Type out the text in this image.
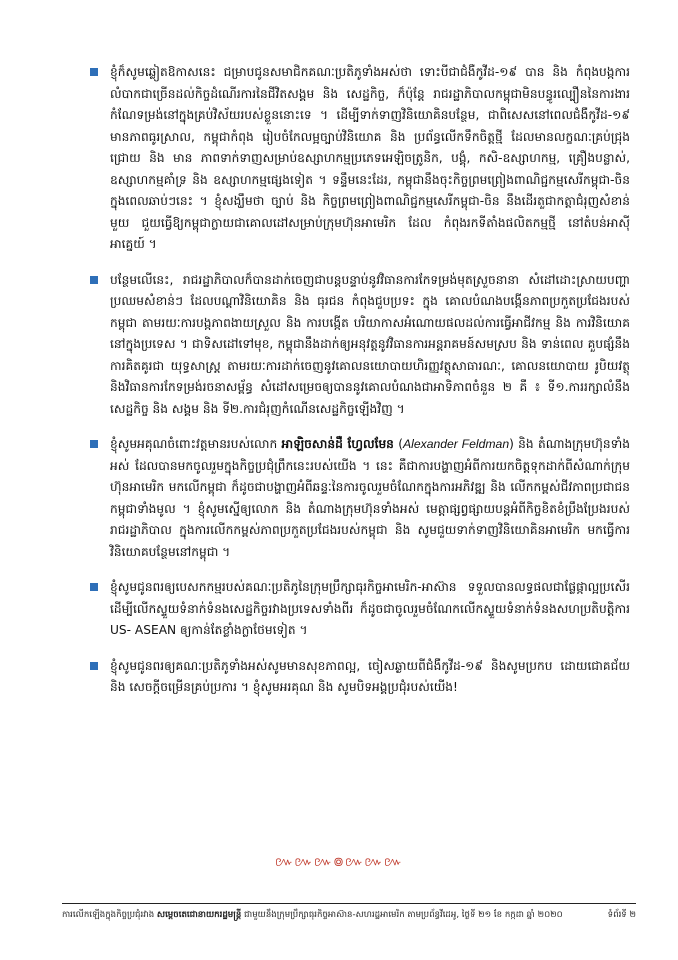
ខ្ញុំក៏សូមឆ្លៀតឱកាសនេះ ជម្រាបជូនសមាជិកគណៈប្រតិភូទាំងអស់ថា ទោះបីជាជំងឺកូវីដ-១៩ បាន និង កំពុងបង្កការលំបាកជាច្រើនដល់កិច្ចដំណើរការនៃជីវិតសង្គម និង សេដ្ឋកិច្ច, ក៏ប៉ុន្តែ រាជរដ្ឋាភិបាលកម្ពុជាមិនបន្ធូរល្បឿននៃការងារកំណែទម្រង់នៅក្នុងគ្រប់វិស័យរបស់ខ្លួននោះទេ ។ ដើម្បីទាក់ទាញវិនិយោគិនបន្ថែម, ជាពិសេសនៅពេលជំងឺកូវីដ-១៩ មានភាពធូរស្រាល, កម្ពុជាកំពុង រៀបចំកែលម្អច្បាប់វិនិយោគ និង ប្រព័ន្ធលើកទឹកចិត្តថ្មី ដែលមានលក្ខណៈគ្រប់ជ្រុងជ្រោយ និង មាន ភាពទាក់ទាញសម្រាប់ឧស្សាហកម្មប្រភេទអេឡិចត្រូនិក, បង្គុំ, កសិ-ឧស្សាហកម្ម, គ្រឿងបន្លាស់, ឧស្សាហកម្មគាំទ្រ និង ឧស្សាហកម្មផ្សេងទៀត ។ ទន្ទឹមនេះដែរ, កម្ពុជានឹងចុះកិច្ចព្រមព្រៀងពាណិជ្ជកម្មសេរីកម្ពុជា-ចិន ក្នុងពេលឆាប់ៗនេះ ។ ខ្ញុំសង្ឃឹមថា ច្បាប់ និង កិច្ចព្រមព្រៀងពាណិជ្ជកម្មសេរីកម្ពុជា-ចិន នឹងដើរតួជាកត្តាជំរុញសំខាន់មួយ ជួយធ្វើឱ្យកម្ពុជាក្លាយជាគោលដៅសម្រាប់ក្រុមហ៊ុនអាមេរិក ដែល កំពុងរកទីតាំងផលិតកម្មថ្មី នៅតំបន់អាស៊ីអាគ្នេយ៍ ។
បន្ថែមលើនេះ, រាជរដ្ឋាភិបាលក៏បានដាក់ចេញជាបន្តបន្ទាប់នូវវិធានការកែទម្រង់មុតស្រួចនានា សំដៅដោះស្រាយបញ្ហាប្រឈមសំខាន់ៗ ដែលបណ្តាវិនិយោគិន និង ធុរជន កំពុងជួបប្រទះ ក្នុង គោលបំណងបង្កើនភាពប្រកួតប្រជែងរបស់កម្ពុជា តាមរយៈការបង្កភាពងាយស្រួល និង ការបង្កើត បរិយាកាសអំណោយផលដល់ការធ្វើអាជីវកម្ម និង ការវិនិយោគនៅក្នុងប្រទេស ។ ជាទិសដៅទៅមុខ, កម្ពុជានឹងដាក់ឲ្យអនុវត្តនូវវិធានការអន្តរាគមន៍សមស្រប និង ទាន់ពេល គួបផ្សំនឹងការគិតគូរជា យុទ្ធសាស្ត្រ តាមរយៈការដាក់ចេញនូវគោលនយោបាយហិរញ្ញវត្ថុសាធារណៈ, គោលនយោបាយ រូបិយវត្ថុ និងវិធានការកែទម្រង់រចនាសម្ព័ន្ធ សំដៅសម្រេចឲ្យបាននូវគោលបំណងជាអាទិភាពចំនួន ២ គឺ ៖ ទី១.ការរក្សាលំនឹងសេដ្ឋកិច្ច និង សង្គម និង ទី២.ការជំរុញកំណើនសេដ្ឋកិច្ចឡើងវិញ ។
ខ្ញុំសូមអគុណចំពោះវត្តមានរបស់លោក អាឡិចសាន់ដឺ ហ្វែលមែន (Alexander Feldman) និង តំណាងក្រុមហ៊ុនទាំងអស់ ដែលបានមកចូលរួមក្នុងកិច្ចប្រជុំព្រឹកនេះរបស់យើង ។ នេះ គឺជាការបង្ហាញអំពីការយកចិត្តទុកដាក់ពីសំណាក់ក្រុមហ៊ុនអាមេរិក មកលើកម្ពុជា ក៏ដូចជាបង្ហាញអំពីឆន្ទៈនៃការចូលរួមចំណែកក្នុងការអភិវឌ្ឍ និង លើកកម្ពស់ជីវភាពប្រជាជនកម្ពុជាទាំងមូល ។ ខ្ញុំសូមស្នើឲ្យលោក និង តំណាងក្រុមហ៊ុនទាំងអស់ មេត្តាផ្សព្វផ្សាយបន្តអំពីកិច្ចខិតខំប្រឹងប្រែងរបស់រាជរដ្ឋាភិបាល ក្នុងការលើកកម្ពស់ភាពប្រកួតប្រជែងរបស់កម្ពុជា និង សូមជួយទាក់ទាញវិនិយោគិនអាមេរិក មកធ្វើការវិនិយោគបន្ថែមនៅកម្ពុជា ។
ខ្ញុំសូមជូនពរឲ្យបេសកកម្មរបស់គណៈប្រតិភូនៃក្រុមប្រឹក្សាធុរកិច្ចអាមេរិក-អាស៊ាន ទទួលបានលទ្ធផលជាផ្លែផ្កាល្អប្រសើរ ដើម្បីលើកស្ទួយទំនាក់ទំនងសេដ្ឋកិច្ចរវាងប្រទេសទាំងពីរ ក៏ដូចជាចូលរួមចំណែកលើកស្ទួយទំនាក់ទំនងសហប្រតិបត្តិការ US- ASEAN ឲ្យកាន់តែខ្លាំងក្លាថែមទៀត ។
ខ្ញុំសូមជូនពរឲ្យគណៈប្រតិភូទាំងអស់សូមមានសុខភាពល្អ, ចៀសឆ្ងាយពីជំងឺកូវីដ-១៩ និងសូមប្រកប ដោយជោគជ័យ និង សេចក្តីចម្រើនគ្រប់ប្រការ ។ ខ្ញុំសូមអរគុណ និង សូមបិទអង្គប្រជុំរបស់យើង!
៚៚៚៙៚៚៚
ការលើកឡើងក្នុងកិច្ចប្រជុំរវាង សម្តេចតេជោនាយករដ្ឋមន្ត្រី ជាមួយនឹងក្រុមប្រឹក្សាធុរកិច្ចអាស៊ាន-សហរដ្ឋអាមេរិក តាមប្រព័ន្ធវីដេអូ, ថ្ងៃទី ២១ ខែ កក្កដា ឆ្នាំ ២០២០	ទំព័រទី ២
